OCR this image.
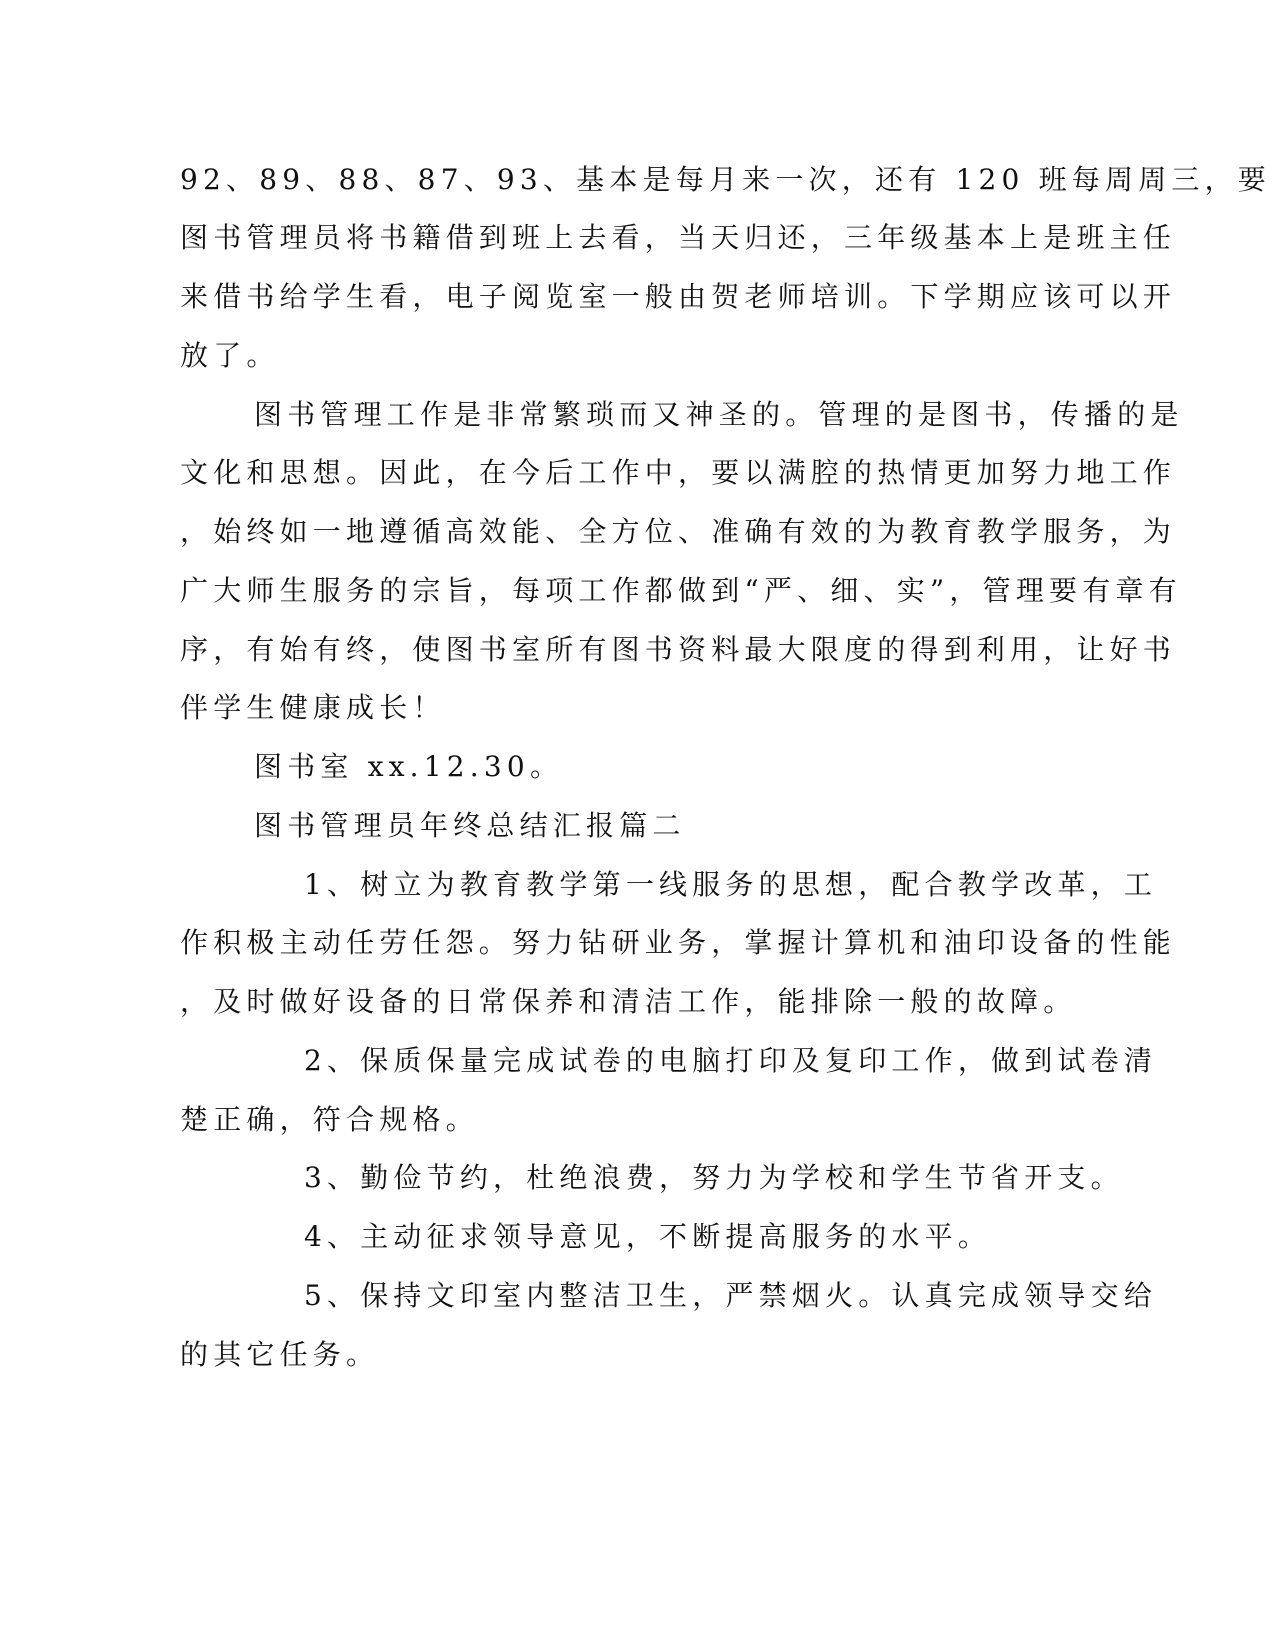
92、89、88、87、93、基本是每月来一次，还有 120 班每周周三，要
图书管理员将书籍借到班上去看，当天归还，三年级基本上是班主任
来借书给学生看，电子阅览室一般由贺老师培训。下学期应该可以开
放了。
图书管理工作是非常繁琐而又神圣的。管理的是图书，传播的是
文化和思想。因此，在今后工作中，要以满腔的热情更加努力地工作
，始终如一地遵循高效能、全方位、准确有效的为教育教学服务，为
广大师生服务的宗旨，每项工作都做到“严、细、实”，管理要有章有
序，有始有终，使图书室所有图书资料最大限度的得到利用，让好书
伴学生健康成长！
图书室 xx.12.30。
图书管理员年终总结汇报篇二
1、树立为教育教学第一线服务的思想，配合教学改革，工
作积极主动任劳任怨。努力钻研业务，掌握计算机和油印设备的性能
，及时做好设备的日常保养和清洁工作，能排除一般的故障。
2、保质保量完成试卷的电脑打印及复印工作，做到试卷清
楚正确，符合规格。
3、勤俭节约，杜绝浪费，努力为学校和学生节省开支。
4、主动征求领导意见，不断提高服务的水平。
5、保持文印室内整洁卫生，严禁烟火。认真完成领导交给
的其它任务。
